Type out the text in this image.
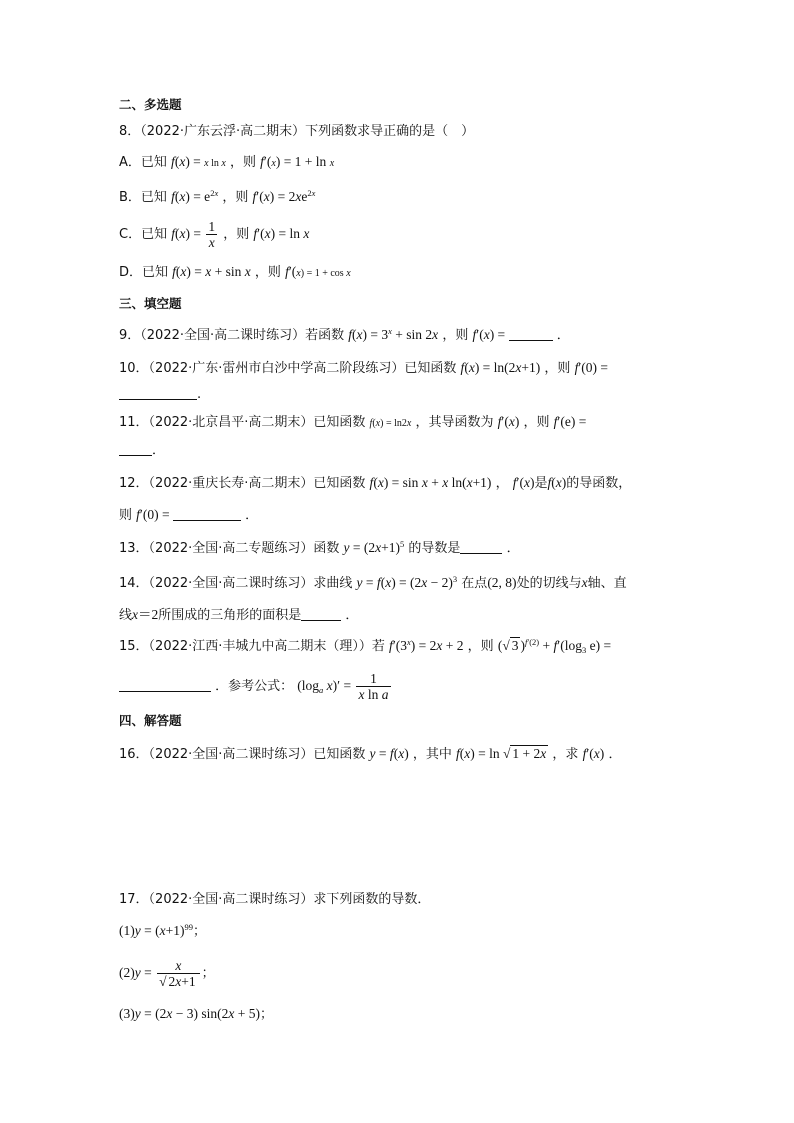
二、多选题
8．（2022·广东云浮·高二期末）下列函数求导正确的是（　）
A．已知 f(x) = x ln x ，则 f′(x) = 1 + ln x
B．已知 $f(x) = e^{2x}$ ，则 $f'(x) = 2xe^{2x}$
C．已知 $f(x) = \frac{1}{x}$ ，则 f′(x) = ln x
D．已知 f(x) = x + sin x ，则 f′(x) = 1 + cos x
三、填空题
9．（2022·全国·高二课时练习）若函数 $f(x) = 3^x + \sin 2x$ ，则 f′(x) =	．
10．（2022·广东·雷州市白沙中学高二阶段练习）已知函数 f(x) = ln(2x+1) ，则 f′(0) =
.
11．（2022·北京昌平·高二期末）已知函数 f(x) = ln2x ，其导函数为 f′(x) ，则 f′(e) =
．
12．（2022·重庆长寿·高二期末）已知函数 f(x) = sin x + x ln(x+1) ， f′(x)是f(x)的导函数，
则 f′(0) =	．
13．（2022·全国·高二专题练习）函数 $y = (2x+1)^5$ 的导数是	．
14．（2022·全国·高二课时练习）求曲线 $y = f(x) = (2x - 2)^3$ 在点(2, 8)处的切线与x轴、直
线x＝2所围成的三角形的面积是	．
15．（2022·江西·丰城九中高二期末（理））若 $f'(3^x) = 2x + 2$ ，则 (√ 3 )$^{f'(2)} + f'(\log_3$ e) =
．参考公式： ($\log_a$ $x)' = \frac{1}{\text{x ln a}}$
四、解答题
16．（2022·全国·高二课时练习）已知函数 y = f(x) ，其中 f(x) = ln √ 1 + 2x ，求 f′(x) ．
17．（2022·全国·高二课时练习）求下列函数的导数．
$(1)y = (x+1)^{99}$；
$(2)y = \frac{x}{√ 2x+1}$ ；
(3)y = (2x − 3) sin(2x + 5)；
